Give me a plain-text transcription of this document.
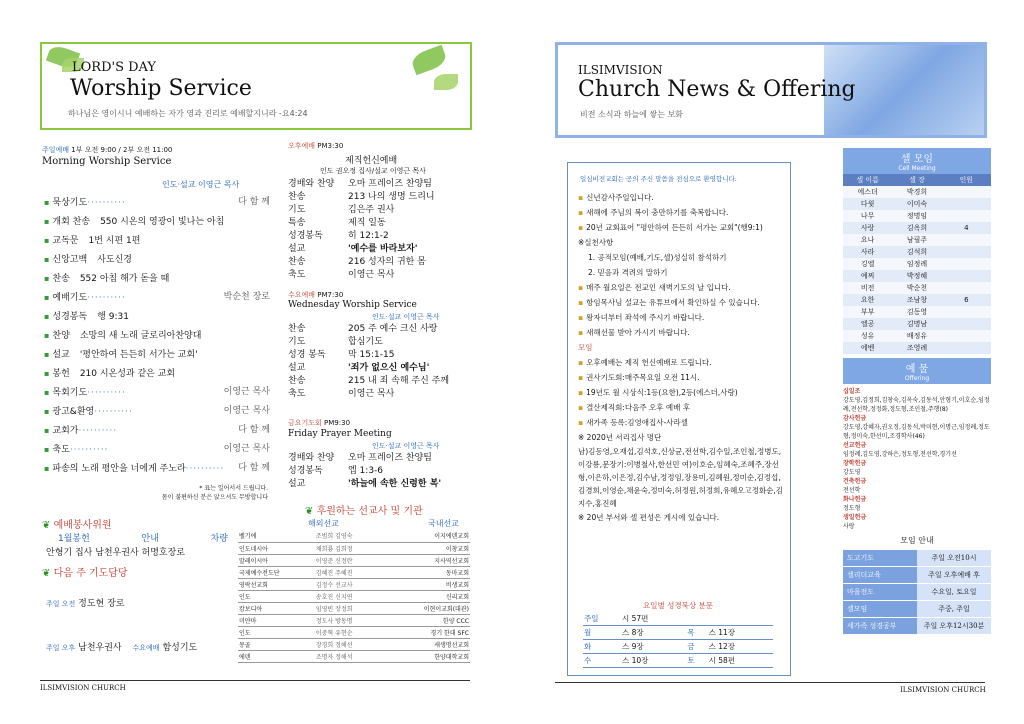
LORD'S DAY
Worship Service
하나님은 영이시니 예배하는 자가 영과 진리로 예배할지니라 -요4:24
주일예배 1부 오전 9:00 / 2부 오전 11:00
Morning Worship Service
인도·설교 이영근 목사
▪ 묵상기도··········	다 함 께
▪ 개회 찬송 550 시온의 영광이 빛나는 아침
▪ 교독문 1번 시편 1편
▪ 신앙고백 사도신경
▪ 찬송 552 아침 해가 돋을 때
▪ 예배기도··········	박순천 장로
▪ 성경봉독 행 9:31
▪ 찬양 소망의 새 노래 글로리아찬양대
▪ 설교 '평안하여 든든히 서가는 교회'
▪ 봉헌 210 시온성과 같은 교회
▪ 목회기도··········	이영근 목사
▪ 광고&환영··········	이영근 목사
▪ 교회가··········	다 함 께
▪ 축도··········	이영근 목사
▪ 파송의 노래 평안을 너에게 주노라·········· 다 함 께
* 표는 일어서서 드립니다.
몸이 불편하신 분은 앉으셔도 무방합니다
❦ 예배봉사위원
1월봉헌	안내	차량
안형기 집사 남천우권사 허명호장로
❦ 다음 주 기도담당
주일 오전 정도현 장로
주일 오후 남천우권사 수요예배 함성기도
ILSIMVISION CHURCH
오후예배 PM3:30
제직헌신예배
인도 권오정 집사/설교 이영근 목사
경배와 찬양 오마 프레이즈 찬양팀
찬송	213 나의 생명 드리니
기도	김은주 권사
특송	제직 일동
성경봉독	히 12:1-2
설교	'예수를 바라보자'
찬송	216 성자의 귀한 몸
축도	이영근 목사
수요예배 PM7:30
Wednesday Worship Service
인도·설교 이영근 목사
찬송	205 주 예수 크신 사랑
기도	합심기도
성경 봉독 막 15:1-15
설교	'죄가 없으신 예수님'
찬송	215 내 죄 속해 주신 주께
축도	이영근 목사
금요기도회 PM9:30
Friday Prayer Meeting
인도·설교 이영근 목사
경배와 찬양 오마 프레이즈 찬양팀
성경봉독	엡 1:3-6
설교	'하늘에 속한 신령한 복'
❦ 후원하는 선교사 및 기관
해외선교	국내선교
벨기에	조범희 김영숙	이지에덴교회
인도네시아	채희룡 김희정	이창교회
말레이시아	이영준 신정란	지사역선교회
국제예수전도단	김혜진 주혜진	동마교회
영락선교회	김정수 선교사	비생교회
인도	송호진 신지연	신리교회
캄보디아	임영빈 장정희	이현이교회(대관)
미얀마	정도사 방동명	한양 CCC
인도	이중혁 유현순	경기 한대 SFC
몽골	장경희 정해선	새생명선교회
에덴	조명자 정해석	한양대학교회
ILSIMVISION
Church News & Offering
비전 소식과 하늘에 쌓는 보화
일심비전교회는 공의 주신 말씀을 전심으로 환영합니다.
▪ 신년감사주일입니다.
▪ 새해에 주님의 복이 충만하기를 축복합니다.
▪ 20년 교회표어 "평안하여 든든히 서가는 교회"(행9:1)
※실천사항
1. 공적모임(예배,기도,셀)성실히 참석하기
2. 믿음과 격려의 말하기
▪ 매주 월요일은 전교인 새벽기도의 날 입니다.
▪ 항임목사님 설교는 유튜브에서 확인하실 수 있습니다.
▪ 왕자녀부터 좌석에 주시기 바랍니다.
▪ 새해선물 받아 가시기 바랍니다.
모임
▪ 오후예배는 제직 헌신예배로 드립니다.
▪ 권사기도회:매주목요일 오전 11시.
▪ 19년도 월 시상식:1등(요한),2등(에스더,사랑)
▪ 결산제직회:다음주 오후 예배 후
▪ 새가족 등록:김영애집사-사라셀
※ 2020년 서리집사 명단
남)김동영,오재섭,김석호,신상균,전선학,김수일,조인철,정병도,이강룡,문장기:이병철사,한선민 여)이호순,임혜숙,조혜주,장선형,이은하,이은정,김수남,정정임,장용미,김혜원,정미순,김정섭,김경희,이영순,채윤숙,정미숙,허정원,허정희,유혜오고정화순,김지수,홍진혜
※ 20년 부서와 셀 편성은 게시에 있습니다.
요일별 성경묵상 분문
주일	시 57편		
월	스 8장	목	스 11장
화	스 9장	금	스 12장
수	스 10장	토	시 58편
셀 모임
Cell Meeting
셀 이름	셀 장	인원
에스더	박경희
다윗	이미숙
나무	정명임
사랑	김옥희	4
요나	남필주
사라	김석희
깅엘	임정례
예찌	박정혜
비전	박순천
요한	조남창	6
부부	김동영
엘공	김명남
성유	배정유
에벤	조영례
예 물
Offering
십일조
강도영,김정희,김창숙,김옥숙,김동석,안형기,이호순,임정례,전선학,정정화,정도형,조인철,주행(8)
감사헌금
강도영,강혜자,권오정,김동석,박미현,이명근,임정례,정도형,정미숙,한선미,조경학사(46)
선교헌금
임정례,김도영,강하은,정도형,전선학,경기선
장학헌금
강도영
건축헌금
전선학
화나헌금
정도형
생일헌금
사랑
모임 안내
도고기도	주일 오전10시
셀리더교육	주일 오후예배 후
마을전도	수요일, 토요일
셀모임	주중, 주일
세가족 성경공부	주일 오후12시30분
ILSIMVISION CHURCH
